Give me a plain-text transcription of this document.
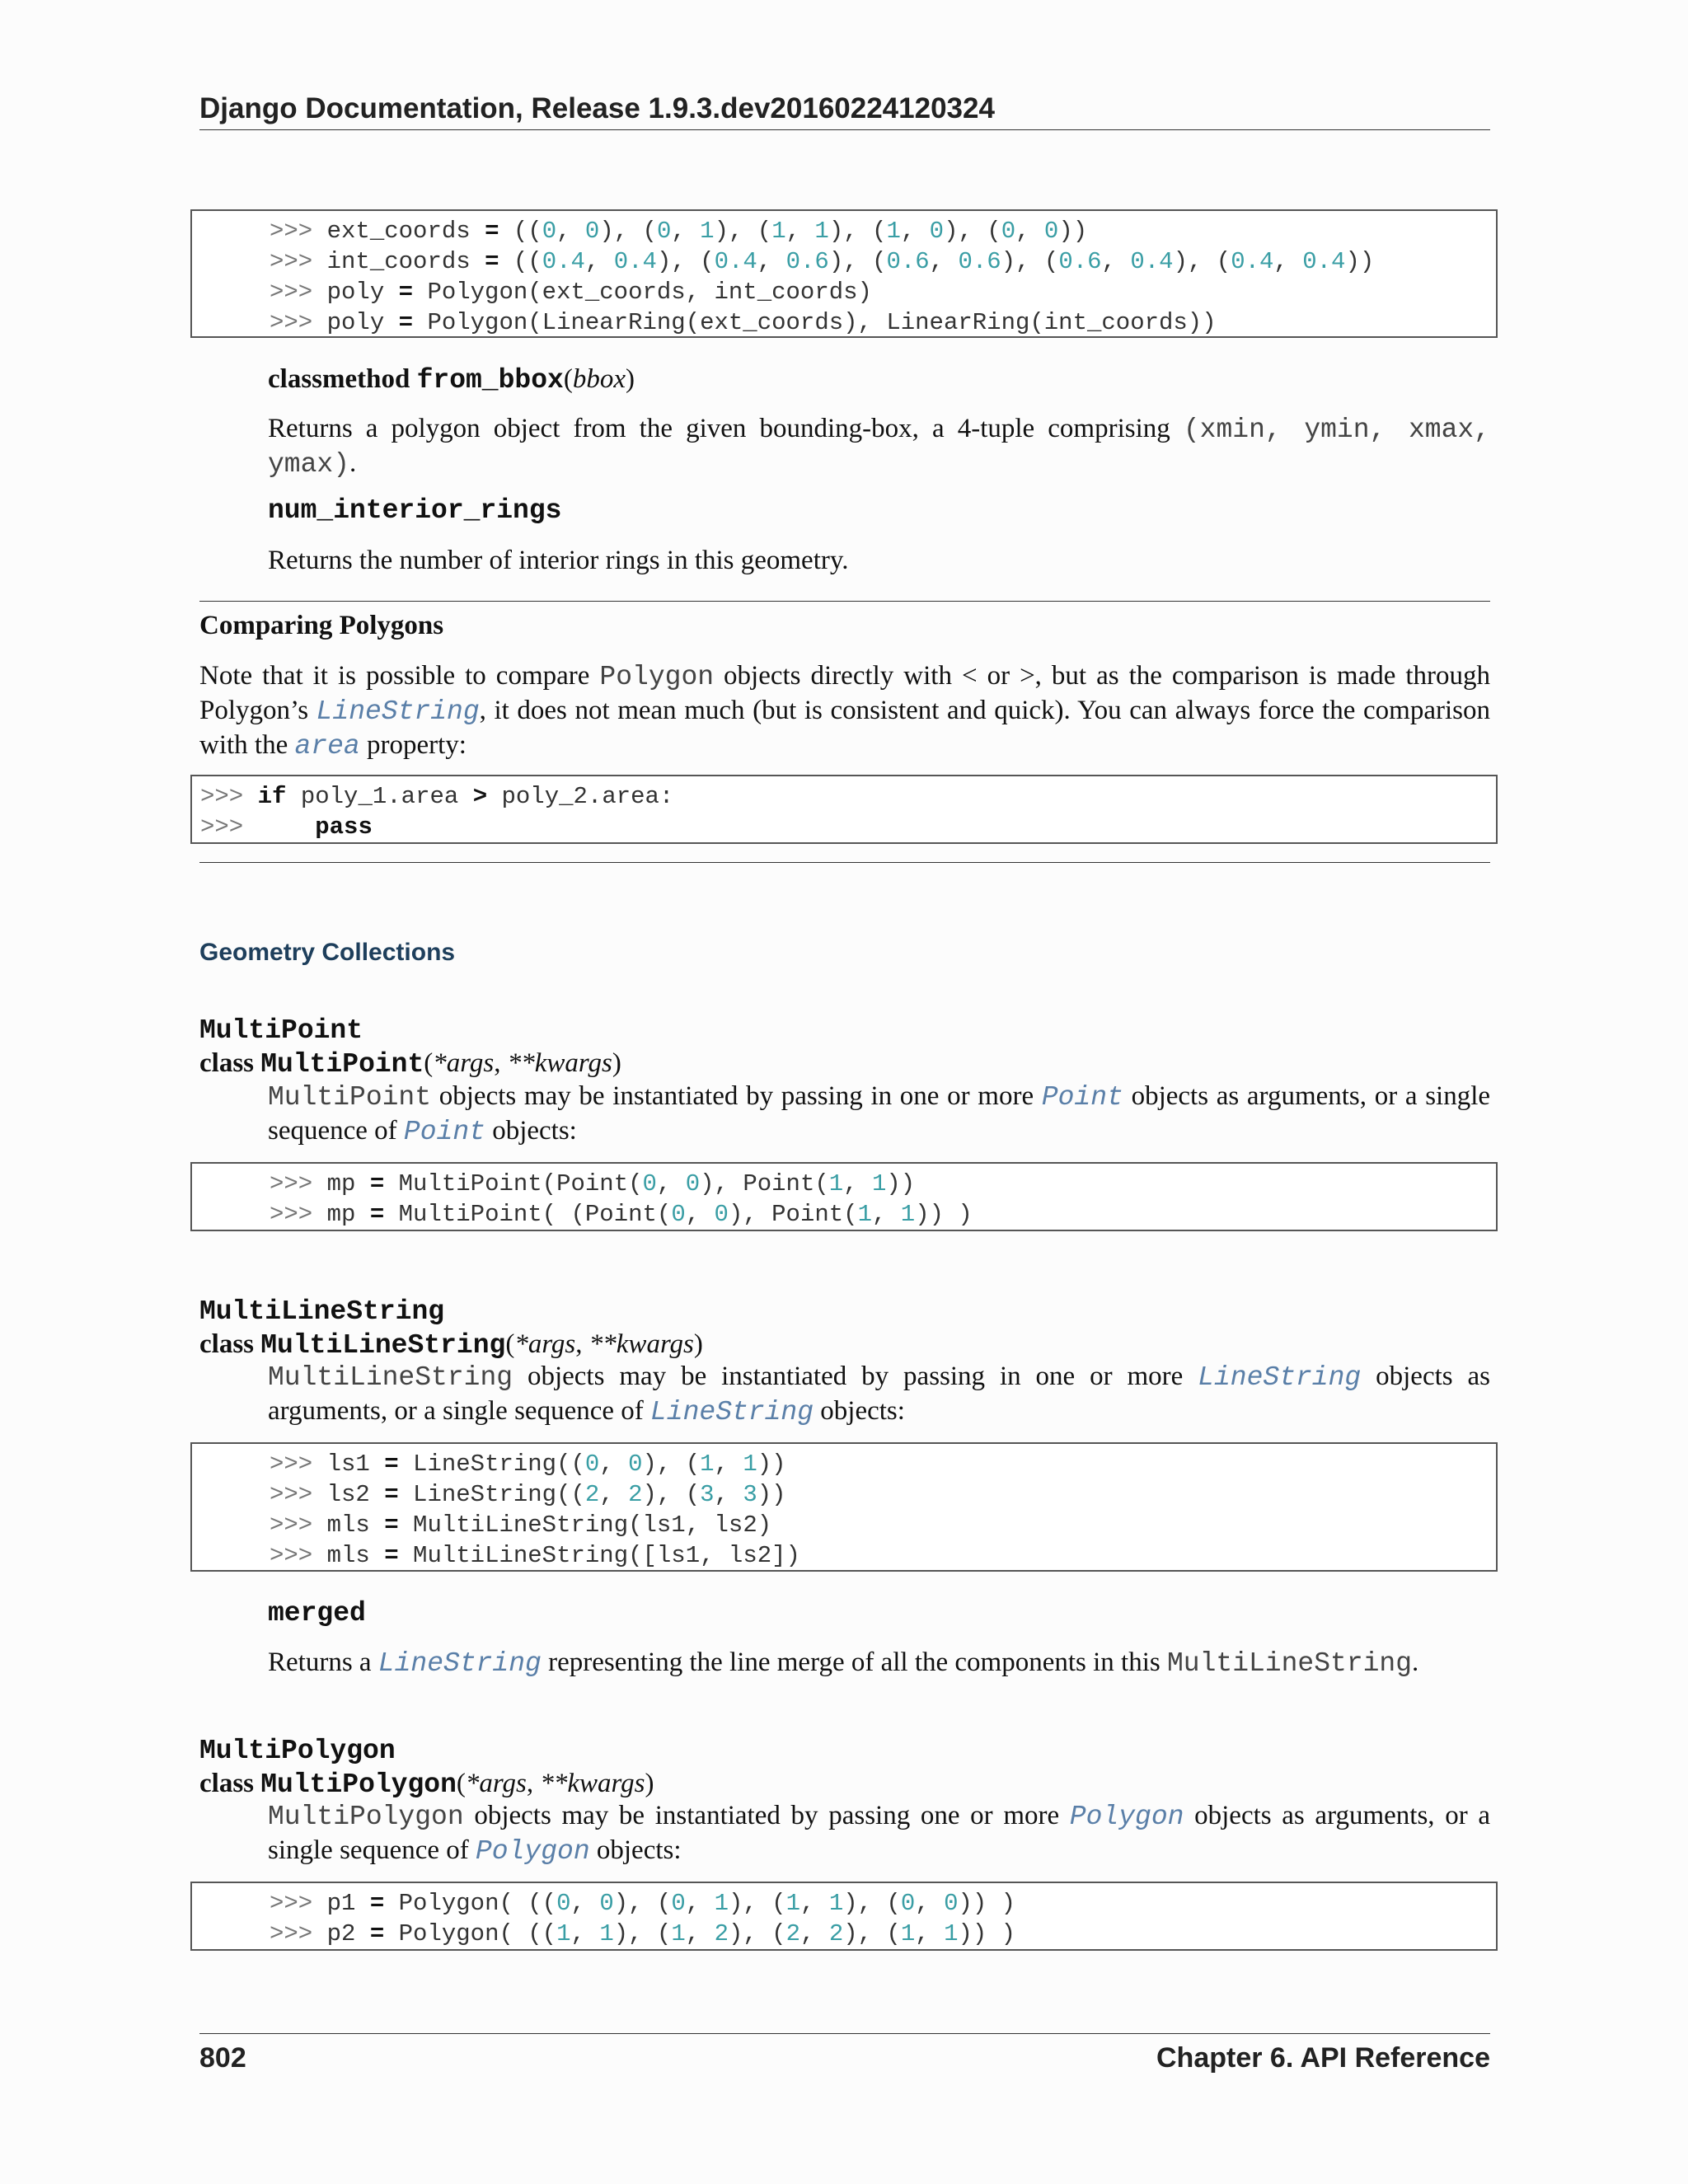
Django Documentation, Release 1.9.3.dev20160224120324
>>> ext_coords = ((0, 0), (0, 1), (1, 1), (1, 0), (0, 0))
>>> int_coords = ((0.4, 0.4), (0.4, 0.6), (0.6, 0.6), (0.6, 0.4), (0.4, 0.4))
>>> poly = Polygon(ext_coords, int_coords)
>>> poly = Polygon(LinearRing(ext_coords), LinearRing(int_coords))
classmethod from_bbox(bbox)
Returns a polygon object from the given bounding-box, a 4-tuple comprising (xmin, ymin, xmax, ymax).
num_interior_rings
Returns the number of interior rings in this geometry.
Comparing Polygons
Note that it is possible to compare Polygon objects directly with < or >, but as the comparison is made through Polygon’s LineString, it does not mean much (but is consistent and quick). You can always force the comparison with the area property:
>>> if poly_1.area > poly_2.area:
>>>     pass
Geometry Collections
MultiPoint
class MultiPoint(*args, **kwargs)
MultiPoint objects may be instantiated by passing in one or more Point objects as arguments, or a single sequence of Point objects:
>>> mp = MultiPoint(Point(0, 0), Point(1, 1))
>>> mp = MultiPoint( (Point(0, 0), Point(1, 1)) )
MultiLineString
class MultiLineString(*args, **kwargs)
MultiLineString objects may be instantiated by passing in one or more LineString objects as arguments, or a single sequence of LineString objects:
>>> ls1 = LineString((0, 0), (1, 1))
>>> ls2 = LineString((2, 2), (3, 3))
>>> mls = MultiLineString(ls1, ls2)
>>> mls = MultiLineString([ls1, ls2])
merged
Returns a LineString representing the line merge of all the components in this MultiLineString.
MultiPolygon
class MultiPolygon(*args, **kwargs)
MultiPolygon objects may be instantiated by passing one or more Polygon objects as arguments, or a single sequence of Polygon objects:
>>> p1 = Polygon( ((0, 0), (0, 1), (1, 1), (0, 0)) )
>>> p2 = Polygon( ((1, 1), (1, 2), (2, 2), (1, 1)) )
802	Chapter 6. API Reference
